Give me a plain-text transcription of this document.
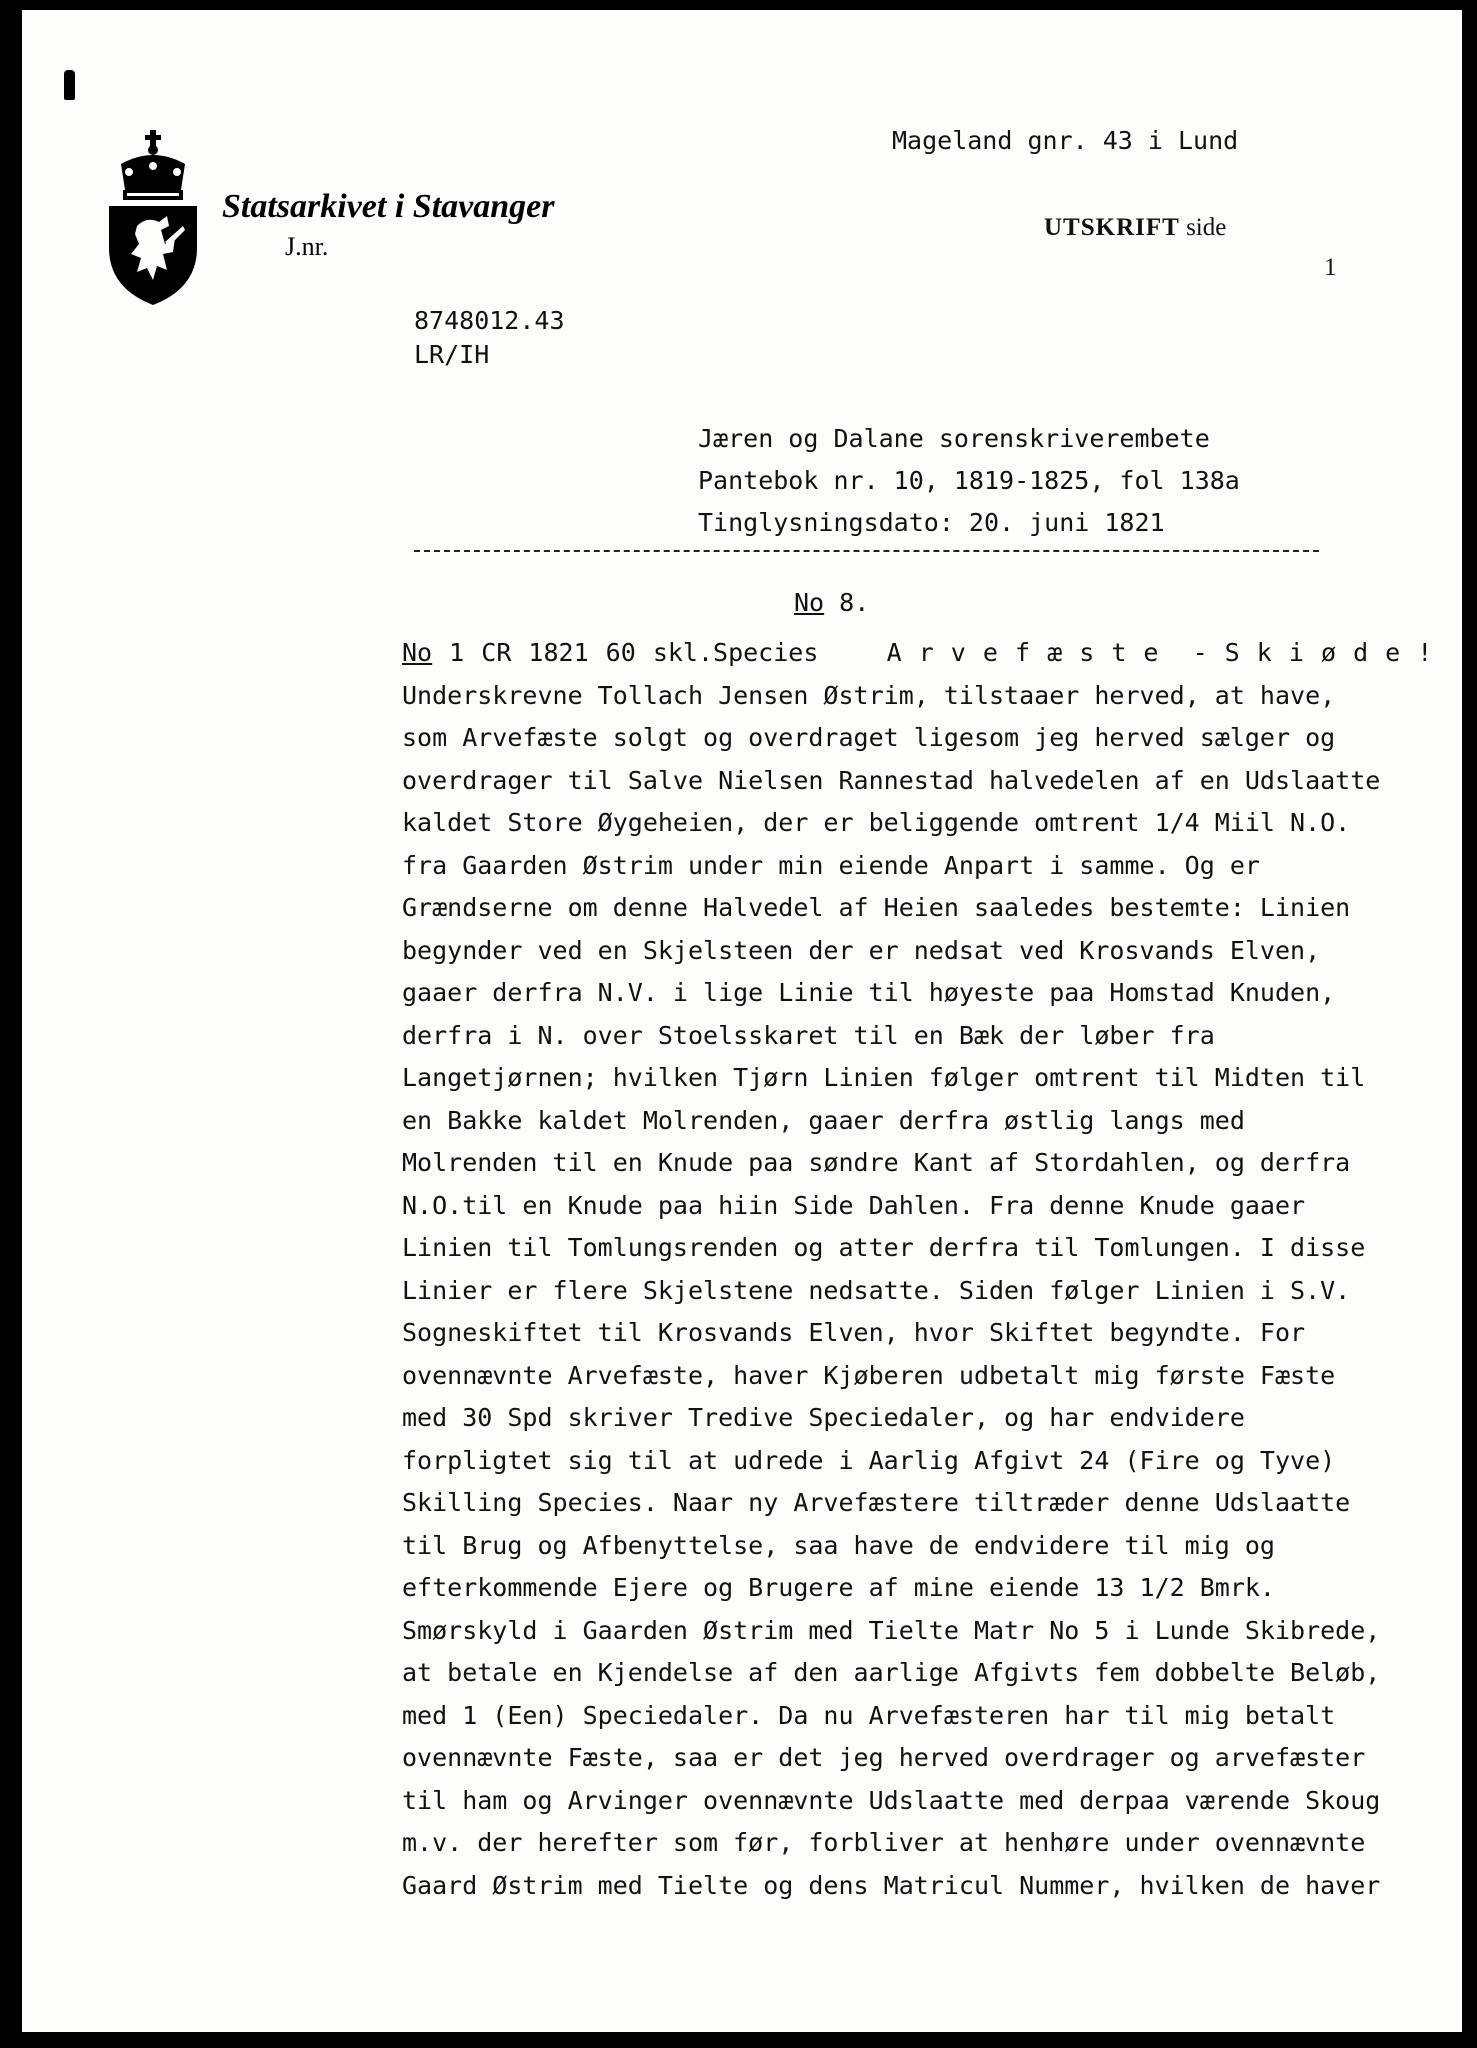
Statsarkivet i Stavanger
J.nr.
Mageland gnr. 43 i Lund
UTSKRIFT side
1
8748012.43
LR/IH
Jæren og Dalane sorenskriverembete
Pantebok nr. 10, 1819-1825, fol 138a
Tinglysningsdato: 20. juni 1821
No 8.
No 1 CR 1821 60 skl.Species    A r v e f æ s t e  - S k i ø d e !
Underskrevne Tollach Jensen Østrim, tilstaaer herved, at have,
som Arvefæste solgt og overdraget ligesom jeg herved sælger og
overdrager til Salve Nielsen Rannestad halvedelen af en Udslaatte
kaldet Store Øygeheien, der er beliggende omtrent 1/4 Miil N.O.
fra Gaarden Østrim under min eiende Anpart i samme. Og er
Grændserne om denne Halvedel af Heien saaledes bestemte: Linien
begynder ved en Skjelsteen der er nedsat ved Krosvands Elven,
gaaer derfra N.V. i lige Linie til høyeste paa Homstad Knuden,
derfra i N. over Stoelsskaret til en Bæk der løber fra
Langetjørnen; hvilken Tjørn Linien følger omtrent til Midten til
en Bakke kaldet Molrenden, gaaer derfra østlig langs med
Molrenden til en Knude paa søndre Kant af Stordahlen, og derfra
N.O.til en Knude paa hiin Side Dahlen. Fra denne Knude gaaer
Linien til Tomlungsrenden og atter derfra til Tomlungen. I disse
Linier er flere Skjelstene nedsatte. Siden følger Linien i S.V.
Sogneskiftet til Krosvands Elven, hvor Skiftet begyndte. For
ovennævnte Arvefæste, haver Kjøberen udbetalt mig første Fæste
med 30 Spd skriver Tredive Speciedaler, og har endvidere
forpligtet sig til at udrede i Aarlig Afgivt 24 (Fire og Tyve)
Skilling Species. Naar ny Arvefæstere tiltræder denne Udslaatte
til Brug og Afbenyttelse, saa have de endvidere til mig og
efterkommende Ejere og Brugere af mine eiende 13 1/2 Bmrk.
Smørskyld i Gaarden Østrim med Tielte Matr No 5 i Lunde Skibrede,
at betale en Kjendelse af den aarlige Afgivts fem dobbelte Beløb,
med 1 (Een) Speciedaler. Da nu Arvefæsteren har til mig betalt
ovennævnte Fæste, saa er det jeg herved overdrager og arvefæster
til ham og Arvinger ovennævnte Udslaatte med derpaa værende Skoug
m.v. der herefter som før, forbliver at henhøre under ovennævnte
Gaard Østrim med Tielte og dens Matricul Nummer, hvilken de haver
